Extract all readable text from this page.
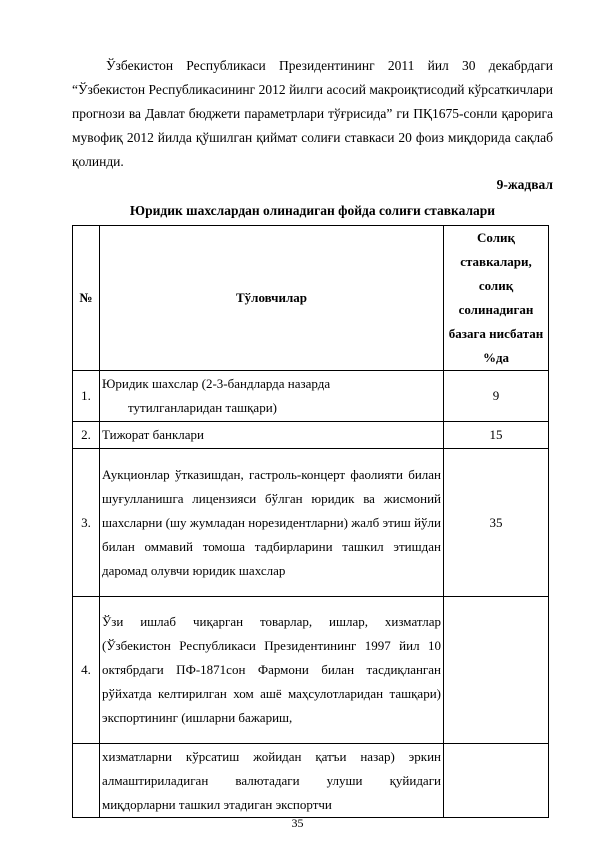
Ўзбекистон Республикаси Президентининг 2011 йил 30 декабрдаги “Ўзбекистон Республикасининг 2012 йилги асосий макроиқтисодий кўрсаткичлари прогнози ва Давлат бюджети параметрлари тўғрисида” ги ПҚ1675-сонли қарорига мувофиқ 2012 йилда қўшилган қиймат солиғи ставкаси 20 фоиз миқдорида сақлаб қолинди.

9-жадвал
Юридик шахслардан олинадиган фойда солиғи ставкалари
№	Тўловчилар	Солиқ ставкалари, солиқ солинадиган базага нисбатан %да
1.	Юридик шахслар (2-3-бандларда назарда
тутилганларидан ташқари)	9
2.	Тижорат банклари	15
3.	Аукционлар ўтказишдан, гастроль-концерт фаолияти билан шуғулланишга лицензияси бўлган юридик ва жисмоний шахсларни (шу жумладан норезидентларни) жалб этиш йўли билан оммавий томоша тадбирларини ташкил этишдан даромад олувчи юридик шахслар	35
4.	Ўзи ишлаб чиқарган товарлар, ишлар, хизматлар (Ўзбекистон Республикаси Президентининг 1997 йил 10 октябрдаги ПФ-1871сон Фармони билан тасдиқланган рўйхатда келтирилган хом ашё маҳсулотларидан ташқари) экспортининг (ишларни бажариш,	
	хизматларни кўрсатиш жойидан қатъи назар) эркин алмаштириладиган валютадаги улуши қуйидаги миқдорларни ташкил этадиган экспортчи	
35
